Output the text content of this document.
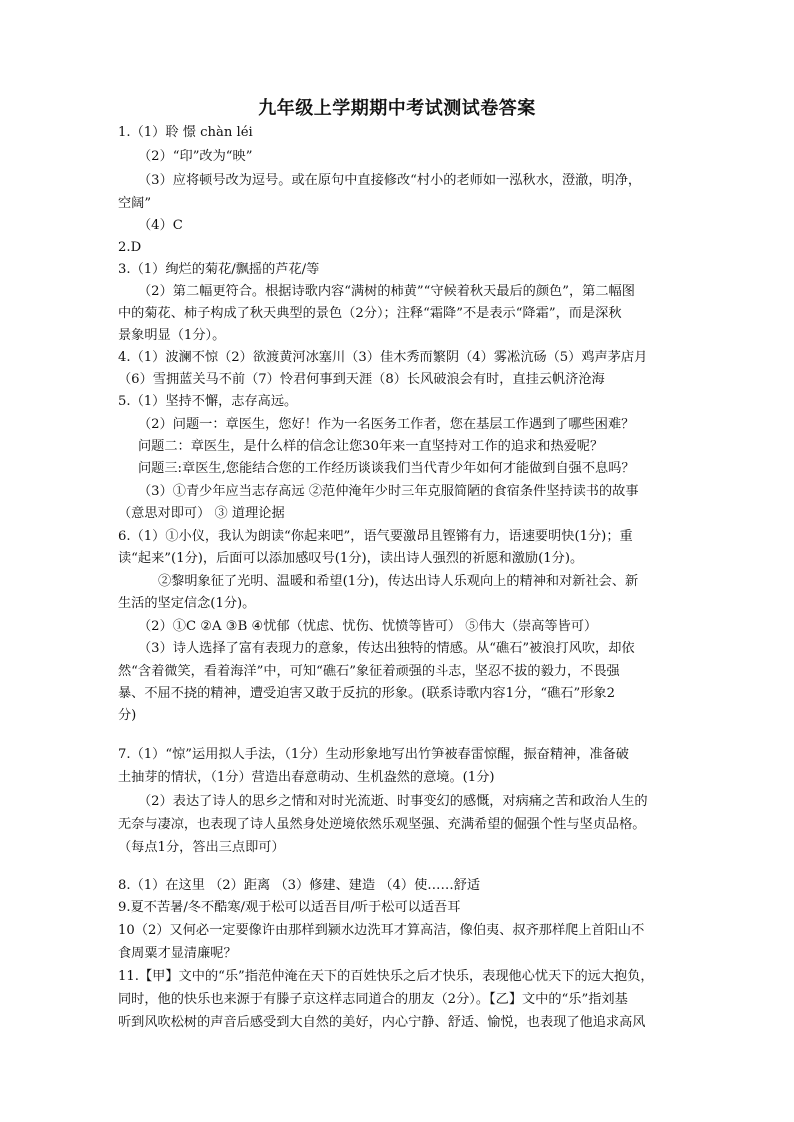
九年级上学期期中考试测试卷答案
1.（1）聆 憬 chàn léi
（2）“印”改为“映”
（3）应将顿号改为逗号。或在原句中直接修改“村小的老师如一泓秋水，澄澈，明净，
空阔”
（4）C
2.D
3.（1）绚烂的菊花/飘摇的芦花/等
（2）第二幅更符合。根据诗歌内容“满树的柿黄”“守候着秋天最后的颜色”，第二幅图
中的菊花、柿子构成了秋天典型的景色（2分）；注释“霜降”不是表示“降霜”，而是深秋
景象明显（1分）。
4.（1）波澜不惊（2）欲渡黄河冰塞川（3）佳木秀而繁阴（4）雾凇沆砀（5）鸡声茅店月
（6）雪拥蓝关马不前（7）怜君何事到天涯（8）长风破浪会有时，直挂云帆济沧海
5.（1）坚持不懈，志存高远。
（2）问题一：章医生，您好！作为一名医务工作者，您在基层工作遇到了哪些困难？
问题二：章医生，是什么样的信念让您30年来一直坚持对工作的追求和热爱呢？
问题三:章医生,您能结合您的工作经历谈谈我们当代青少年如何才能做到自强不息吗？
（3）①青少年应当志存高远 ②范仲淹年少时三年克服简陋的食宿条件坚持读书的故事
（意思对即可） ③ 道理论据
6.（1）①小仪，我认为朗读“你起来吧”，语气要激昂且铿锵有力，语速要明快(1分)；重
读“起来”(1分)，后面可以添加感叹号(1分)，读出诗人强烈的祈愿和激励(1分)。
②黎明象征了光明、温暖和希望(1分)，传达出诗人乐观向上的精神和对新社会、新
生活的坚定信念(1分)。
（2）①C ②A ③B ④忧郁（忧虑、忧伤、忧愤等皆可） ⑤伟大（崇高等皆可）
（3）诗人选择了富有表现力的意象，传达出独特的情感。从“礁石”被浪打风吹，却依
然“含着微笑，看着海洋”中，可知“礁石”象征着顽强的斗志，坚忍不拔的毅力，不畏强
暴、不屈不挠的精神，遭受迫害又敢于反抗的形象。(联系诗歌内容1分，“礁石”形象2
分)
7.（1）“惊”运用拟人手法，（1分）生动形象地写出竹笋被春雷惊醒，振奋精神，准备破
土抽芽的情状，（1分）营造出春意萌动、生机盎然的意境。(1分)
（2）表达了诗人的思乡之情和对时光流逝、时事变幻的感慨，对病痛之苦和政治人生的
无奈与凄凉，也表现了诗人虽然身处逆境依然乐观坚强、充满希望的倔强个性与坚贞品格。
（每点1分，答出三点即可）
8.（1）在这里 （2）距离 （3）修建、建造 （4）使……舒适
9.夏不苦暑/冬不酷寒/观于松可以适吾目/听于松可以适吾耳
10（2）又何必一定要像许由那样到颍水边洗耳才算高洁，像伯夷、叔齐那样爬上首阳山不
食周粟才显清廉呢？
11.【甲】文中的“乐”指范仲淹在天下的百姓快乐之后才快乐，表现他心忧天下的远大抱负，
同时，他的快乐也来源于有滕子京这样志同道合的朋友（2分）。【乙】文中的“乐”指刘基
听到风吹松树的声音后感受到大自然的美好，内心宁静、舒适、愉悦，也表现了他追求高风
